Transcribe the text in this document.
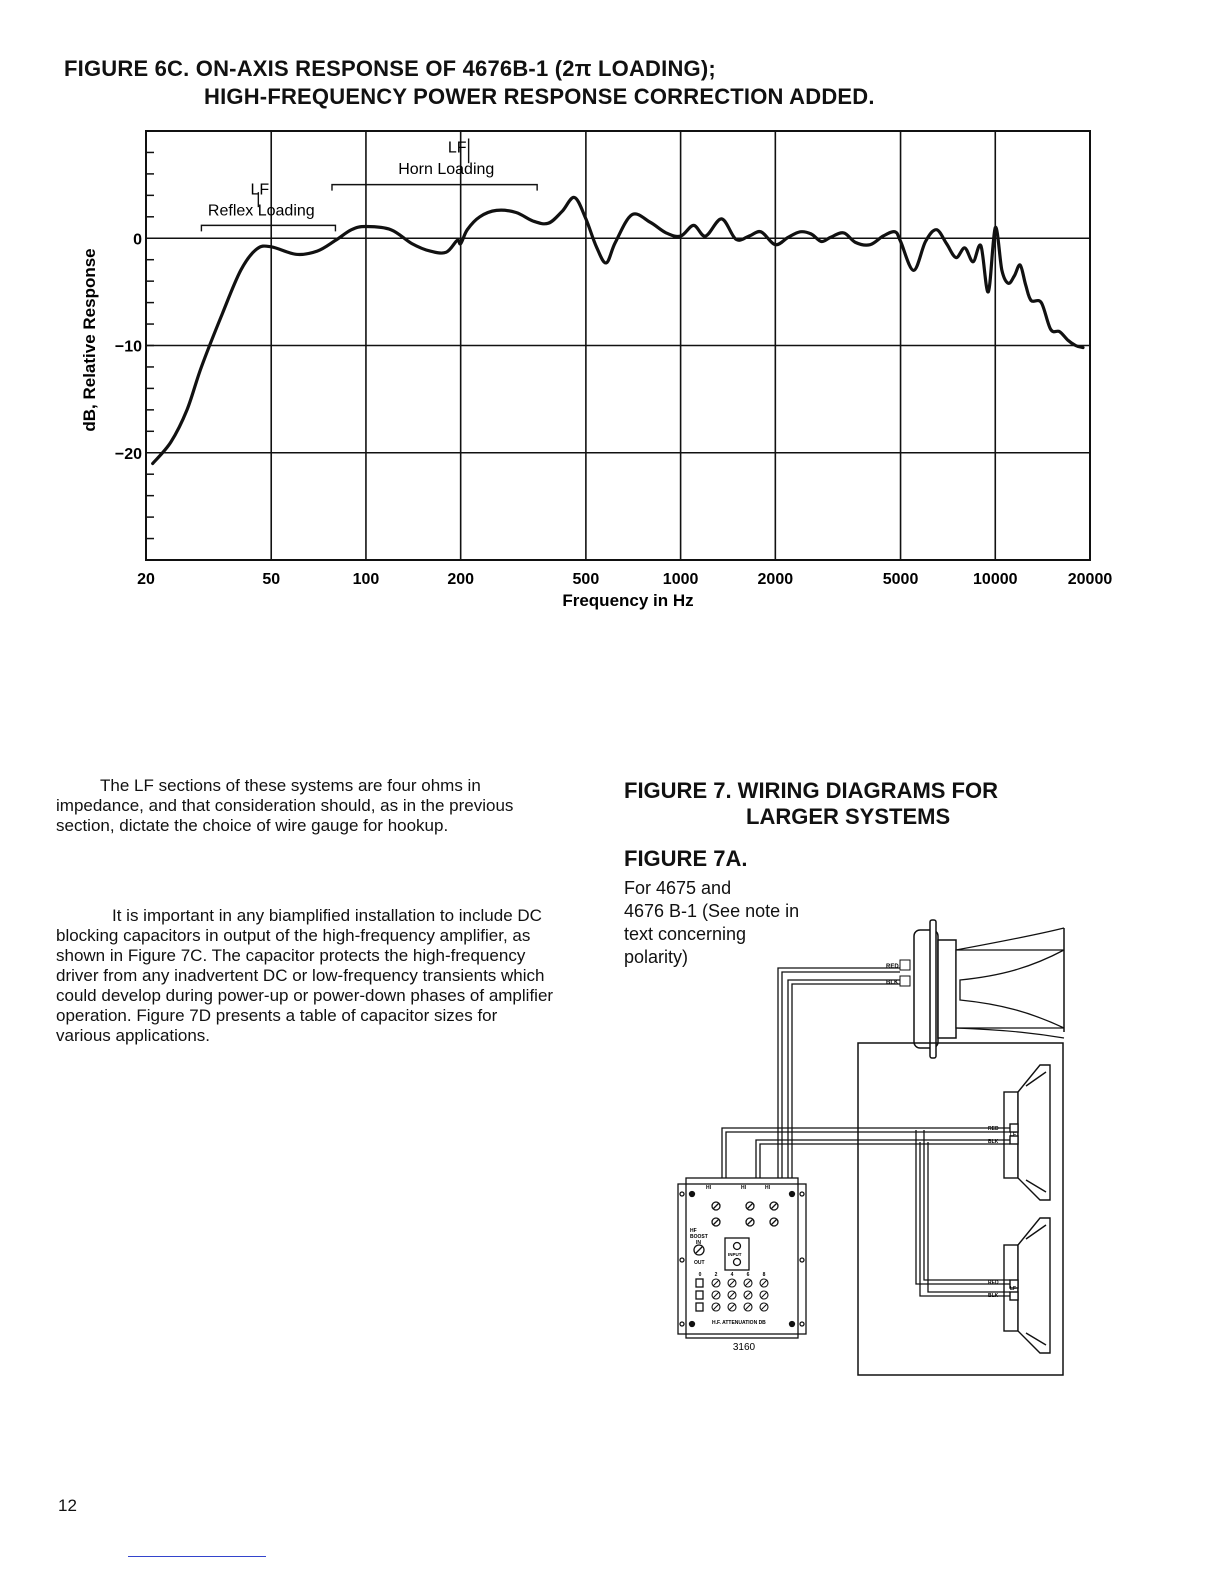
FIGURE 6C. ON-AXIS RESPONSE OF 4676B-1 (2π LOADING);

HIGH-FREQUENCY POWER RESPONSE CORRECTION ADDED.

20	50	100	200	500	1000	2000	5000	10000	20000
0
−10
−20
Frequency in Hz
dB, Relative Response
LF
Reflex Loading
LF
Horn Loading

The LF sections of these systems are four ohms in impedance, and that consideration should, as in the previous section, dictate the choice of wire gauge for hookup.

It is important in any biamplified installation to include DC blocking capacitors in output of the high-frequency amplifier, as shown in Figure 7C. The capacitor protects the high-frequency driver from any inadvertent DC or low-frequency transients which could develop during power-up or power-down phases of amplifier operation. Figure 7D presents a table of capacitor sizes for various applications.

FIGURE 7. WIRING DIAGRAMS FOR

LARGER SYSTEMS

FIGURE 7A.

For 4675 and
4676 B-1 (See note in
text concerning
polarity)	RED
BLK
RED
BLK
LF
RED
BLK
LF
HI	HI	HI
HF
BOOST
IN
OUT
INPUT
0	2	4	6	8
H.F. ATTENUATION DB
3160
12
